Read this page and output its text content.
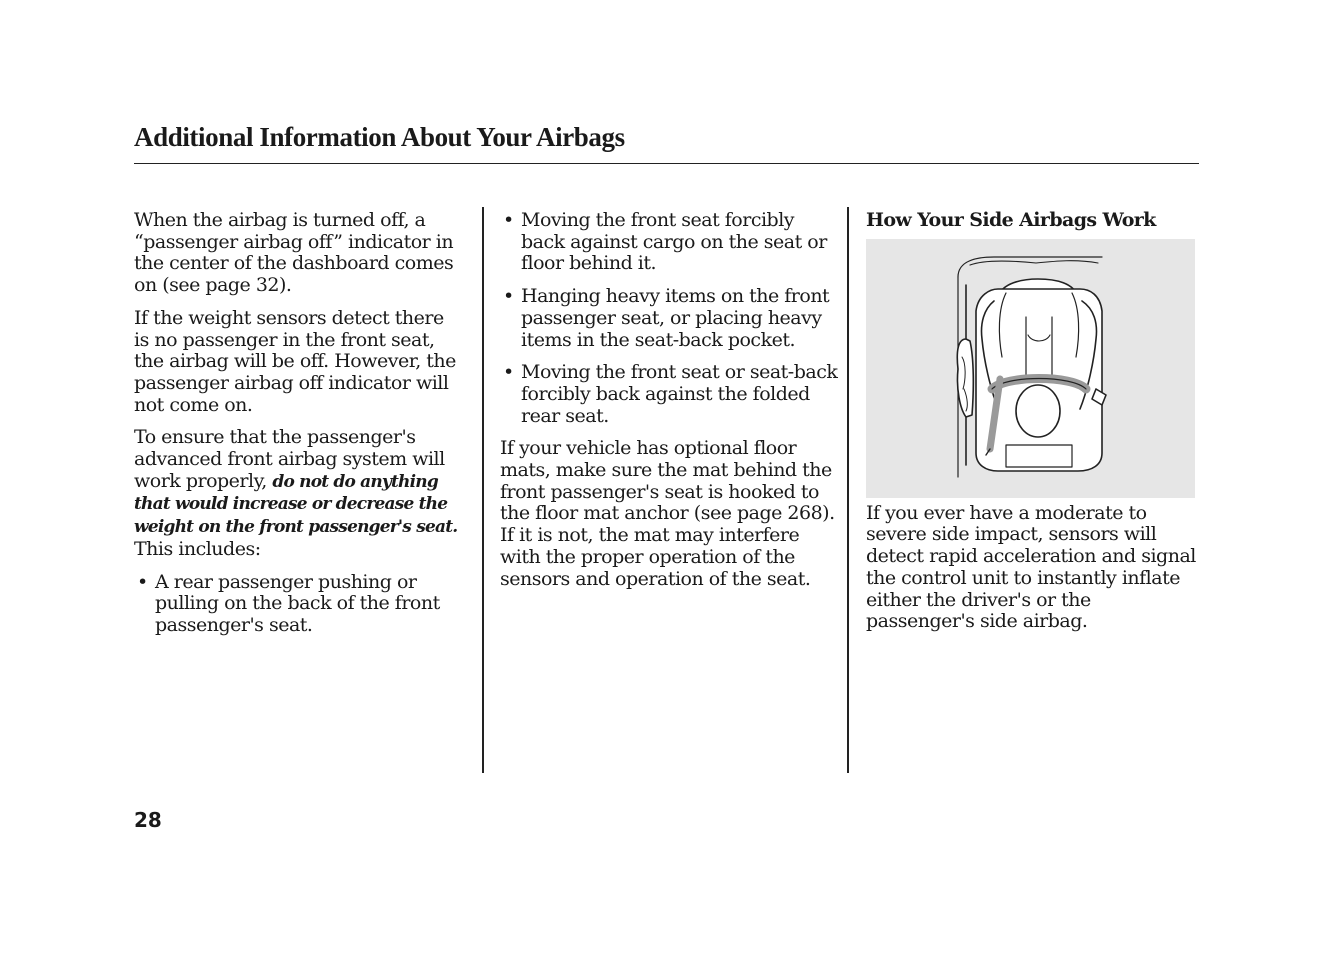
Additional Information About Your Airbags

When the airbag is turned off, a “passenger airbag off” indicator in the center of the dashboard comes on (see page 32).

If the weight sensors detect there is no passenger in the front seat, the airbag will be off. However, the passenger airbag off indicator will not come on.

To ensure that the passenger's advanced front airbag system will work properly, do not do anything that would increase or decrease the weight on the front passenger's seat. This includes:

• A rear passenger pushing or pulling on the back of the front passenger's seat.
• Moving the front seat forcibly back against cargo on the seat or floor behind it.
• Hanging heavy items on the front passenger seat, or placing heavy items in the seat-back pocket.
• Moving the front seat or seat-back forcibly back against the folded rear seat.

If your vehicle has optional floor mats, make sure the mat behind the front passenger's seat is hooked to the floor mat anchor (see page 268). If it is not, the mat may interfere with the proper operation of the sensors and operation of the seat.

How Your Side Airbags Work

If you ever have a moderate to severe side impact, sensors will detect rapid acceleration and signal the control unit to instantly inflate either the driver's or the passenger's side airbag.

28
